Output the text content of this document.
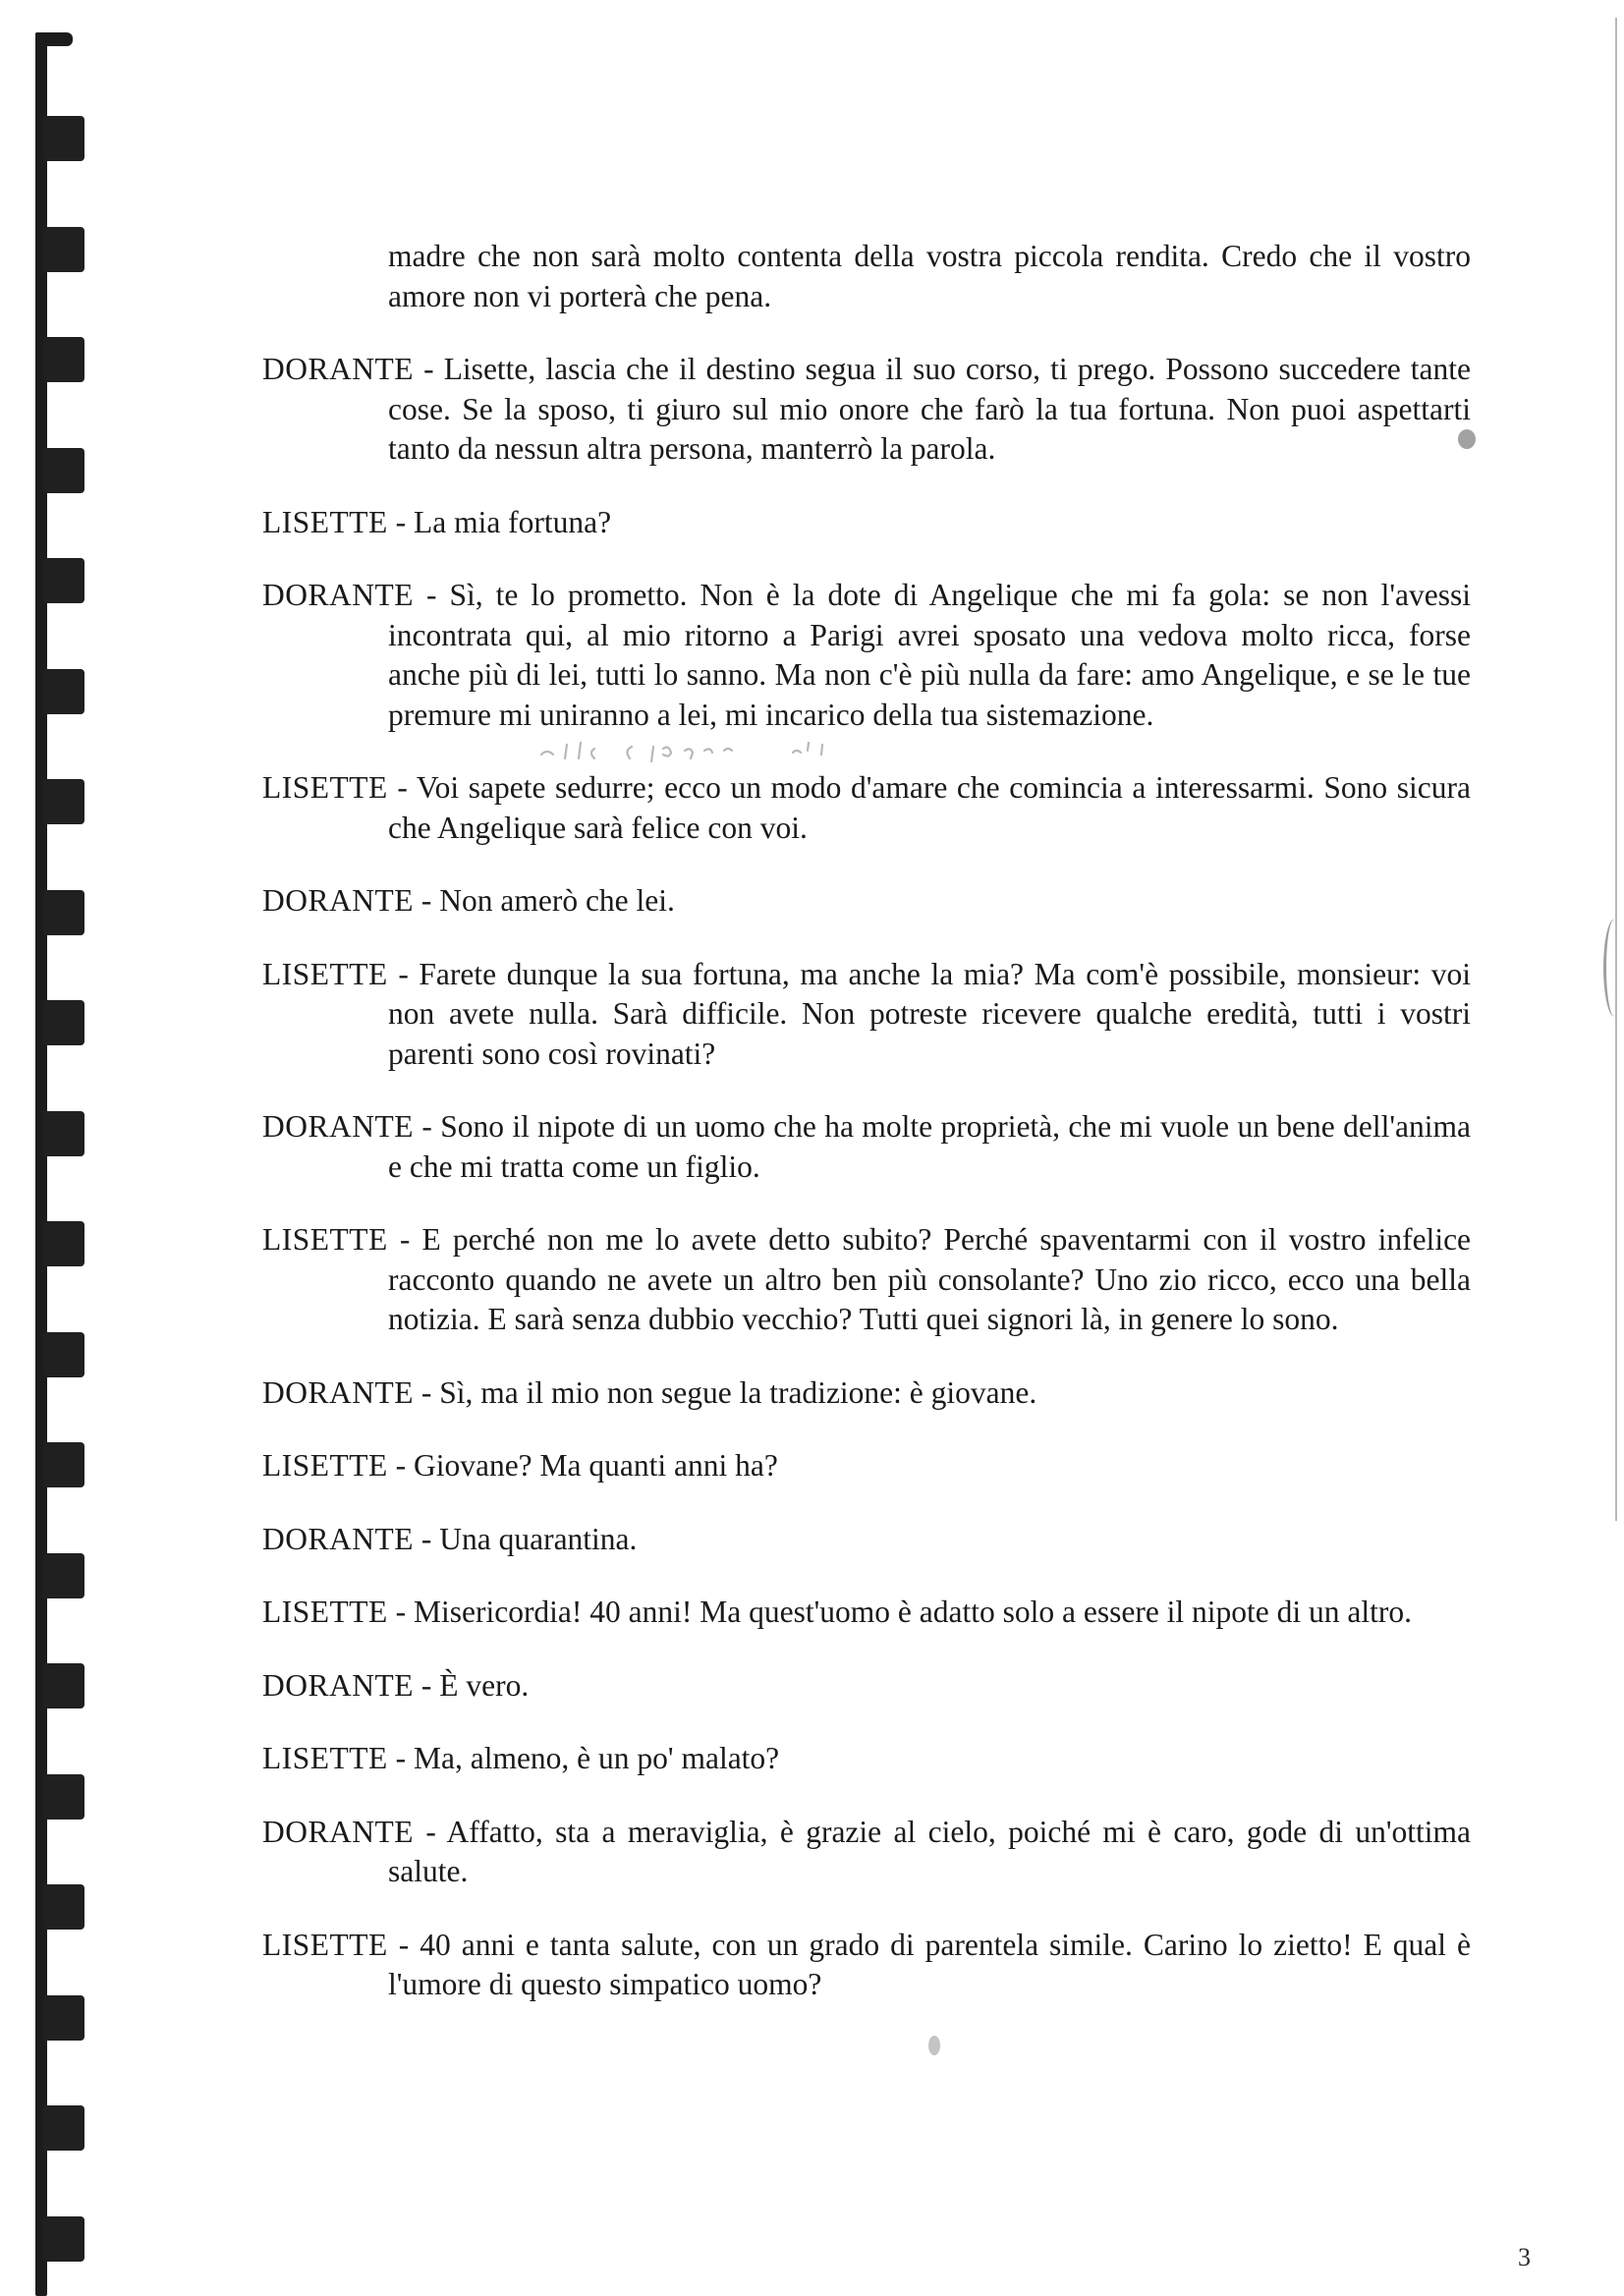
madre che non sarà molto contenta della vostra piccola rendita. Credo che il vostro amore non vi porterà che pena.

DORANTE - Lisette, lascia che il destino segua il suo corso, ti prego. Possono succedere tante cose. Se la sposo, ti giuro sul mio onore che farò la tua fortuna. Non puoi aspettarti tanto da nessun altra persona, manterrò la parola.

LISETTE - La mia fortuna?

DORANTE - Sì, te lo prometto. Non è la dote di Angelique che mi fa gola: se non l'avessi incontrata qui, al mio ritorno a Parigi avrei sposato una vedova molto ricca, forse anche più di lei, tutti lo sanno. Ma non c'è più nulla da fare: amo Angelique, e se le tue premure mi uniranno a lei, mi incarico della tua sistemazione.

LISETTE - Voi sapete sedurre; ecco un modo d'amare che comincia a interessarmi. Sono sicura che Angelique sarà felice con voi.

DORANTE - Non amerò che lei.

LISETTE - Farete dunque la sua fortuna, ma anche la mia? Ma com'è possibile, monsieur: voi non avete nulla. Sarà difficile. Non potreste ricevere qualche eredità, tutti i vostri parenti sono così rovinati?

DORANTE - Sono il nipote di un uomo che ha molte proprietà, che mi vuole un bene dell'anima e che mi tratta come un figlio.

LISETTE - E perché non me lo avete detto subito? Perché spaventarmi con il vostro infelice racconto quando ne avete un altro ben più consolante? Uno zio ricco, ecco una bella notizia. E sarà senza dubbio vecchio? Tutti quei signori là, in genere lo sono.

DORANTE - Sì, ma il mio non segue la tradizione: è giovane.

LISETTE - Giovane? Ma quanti anni ha?

DORANTE - Una quarantina.

LISETTE - Misericordia! 40 anni! Ma quest'uomo è adatto solo a essere il nipote di un altro.

DORANTE - È vero.

LISETTE - Ma, almeno, è un po' malato?

DORANTE - Affatto, sta a meraviglia, è grazie al cielo, poiché mi è caro, gode di un'ottima salute.

LISETTE - 40 anni e tanta salute, con un grado di parentela simile. Carino lo zietto! E qual è l'umore di questo simpatico uomo?

3
